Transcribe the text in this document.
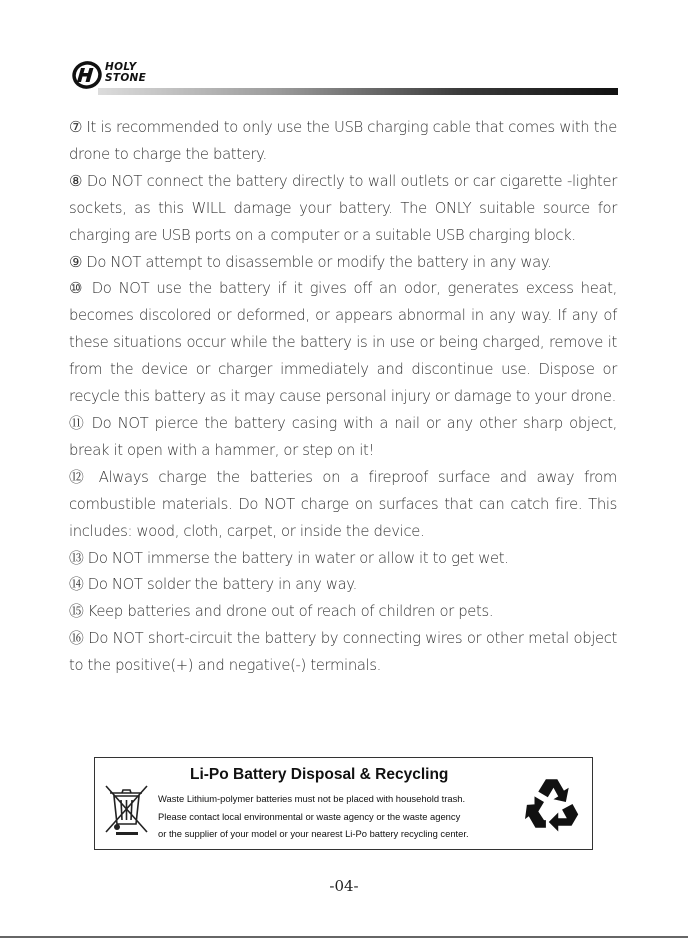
HOLY
STONE

⑦ It is recommended to only use the USB charging cable that comes with the drone to charge the battery.

⑧ Do NOT connect the battery directly to wall outlets or car cigarette -lighter sockets, as this WILL damage your battery. The ONLY suitable source for charging are USB ports on a computer or a suitable USB charging block.

⑨ Do NOT attempt to disassemble or modify the battery in any way.

⑩ Do NOT use the battery if it gives off an odor, generates excess heat, becomes discolored or deformed, or appears abnormal in any way. If any of these situations occur while the battery is in use or being charged, remove it from the device or charger immediately and discontinue use. Dispose or recycle this battery as it may cause personal injury or damage to your drone.

⑪ Do NOT pierce the battery casing with a nail or any other sharp object, break it open with a hammer, or step on it!

⑫ Always charge the batteries on a fireproof surface and away from combustible materials. Do NOT charge on surfaces that can catch fire. This includes: wood, cloth, carpet, or inside the device.

⑬ Do NOT immerse the battery in water or allow it to get wet.

⑭ Do NOT solder the battery in any way.

⑮ Keep batteries and drone out of reach of children or pets.

⑯ Do NOT short-circuit the battery by connecting wires or other metal object to the positive(+) and negative(-) terminals.

Li-Po Battery Disposal & Recycling
Waste Lithium-polymer batteries must not be placed with household trash.
Please contact local environmental or waste agency or the waste agency
or the supplier of your model or your nearest Li-Po battery recycling center.
-04-
